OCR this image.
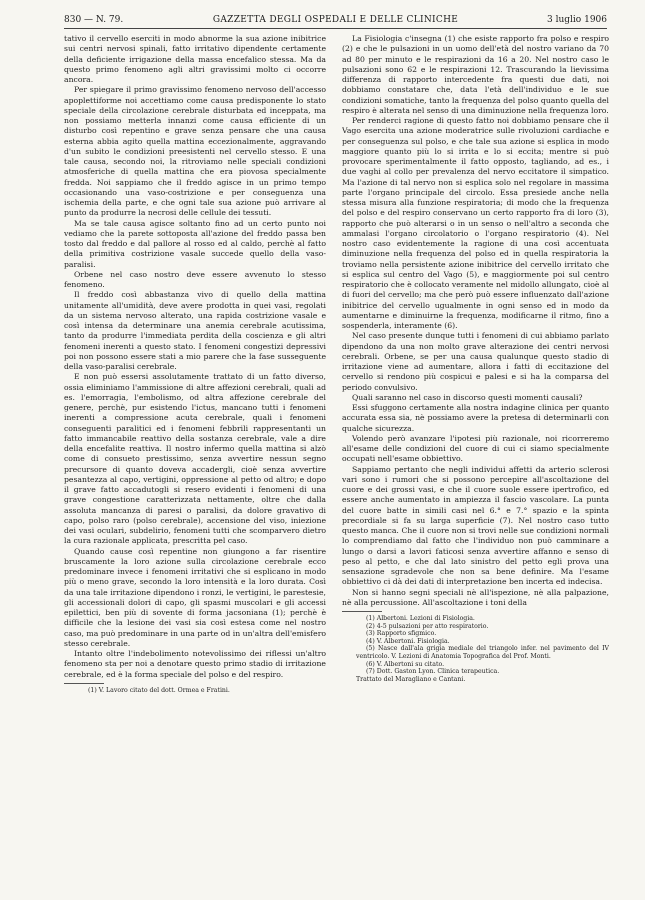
830 — N. 79.	GAZZETTA DEGLI OSPEDALI E DELLE CLINICHE	3 luglio 1906

tativo il cervello eserciti in modo abnorme la sua azione inibitrice sui centri nervosi spinali, fatto irritativo dipendente certamente della deficiente irrigazione della massa encefalico stessa. Ma da questo primo fenomeno agli altri gravissimi molto ci occorre ancora.

Per spiegare il primo gravissimo fenomeno nervoso dell'accesso apoplettiforme noi accettiamo come causa predisponente lo stato speciale della circolazione cerebrale disturbata ed inceppata, ma non possiamo metterla innanzi come causa efficiente di un disturbo così repentino e grave senza pensare che una causa esterna abbia agito quella mattina eccezionalmente, aggravando d'un subito le condizioni preesistenti nel cervello stesso. E una tale causa, secondo noi, la ritroviamo nelle speciali condizioni atmosferiche di quella mattina che era piovosa specialmente fredda. Noi sappiamo che il freddo agisce in un primo tempo occasionando una vaso-costrizione e per conseguenza una ischemia della parte, e che ogni tale sua azione può arrivare al punto da produrre la necrosi delle cellule dei tessuti.

Ma se tale causa agisce soltanto fino ad un certo punto noi vediamo che la parete sottoposta all'azione del freddo passa ben tosto dal freddo e dal pallore al rosso ed al caldo, perchè al fatto della primitiva costrizione vasale succede quello della vaso-paralisi.

Orbene nel caso nostro deve essere avvenuto lo stesso fenomeno.

Il freddo così abbastanza vivo di quello della mattina unitamente all'umidità, deve avere prodotta in quei vasi, regolati da un sistema nervoso alterato, una rapida costrizione vasale e così intensa da determinare una anemia cerebrale acutissima, tanto da produrre l'immediata perdita della coscienza e gli altri fenomeni inerenti a questo stato. I fenomeni congestizi depressivi poi non possono essere stati a mio parere che la fase susseguente della vaso-paralisi cerebrale.

E non può essersi assolutamente trattato di un fatto diverso, ossia eliminiamo l'ammissione di altre affezioni cerebrali, quali ad es. l'emorragia, l'embolismo, od altra affezione cerebrale del genere, perchè, pur esistendo l'ictus, mancano tutti i fenomeni inerenti a compressione acuta cerebrale, quali i fenomeni conseguenti paralitici ed i fenomeni febbrili rappresentanti un fatto immancabile reattivo della sostanza cerebrale, vale a dire della encefalite reattiva. Il nostro infermo quella mattina si alzò come di consueto prestissimo, senza avvertire nessun segno precursore di quanto doveva accadergli, cioè senza avvertire pesantezza al capo, vertigini, oppressione al petto od altro; e dopo il grave fatto accadutogli si resero evidenti i fenomeni di una grave congestione caratterizzata nettamente, oltre che dalla assoluta mancanza di paresi o paralisi, da dolore gravativo di capo, polso raro (polso cerebrale), accensione del viso, iniezione dei vasi oculari, subdelirio, fenomeni tutti che scomparvero dietro la cura razionale applicata, prescritta pel caso.

Quando cause così repentine non giungono a far risentire bruscamente la loro azione sulla circolazione cerebrale ecco predominare invece i fenomeni irritativi che si esplicano in modo più o meno grave, secondo la loro intensità e la loro durata. Così da una tale irritazione dipendono i ronzi, le vertigini, le parestesie, gli accessionali dolori di capo, gli spasmi muscolari e gli accessi epilettici, ben più di sovente di forma jacsoniana (1); perchè è difficile che la lesione dei vasi sia così estesa come nel nostro caso, ma può predominare in una parte od in un'altra dell'emisfero stesso cerebrale.

Intanto oltre l'indebolimento notevolissimo dei riflessi un'altro fenomeno sta per noi a denotare questo primo stadio di irritazione cerebrale, ed è la forma speciale del polso e del respiro.

(1) V. Lavoro citato del dott. Ormea e Fratini.

La Fisiologia c'insegna (1) che esiste rapporto fra polso e respiro (2) e che le pulsazioni in un uomo dell'età del nostro variano da 70 ad 80 per minuto e le respirazioni da 16 a 20. Nel nostro caso le pulsazioni sono 62 e le respirazioni 12. Trascurando la lievissima differenza di rapporto intercedente fra questi due dati, noi dobbiamo constatare che, data l'età dell'individuo e le sue condizioni somatiche, tanto la frequenza del polso quanto quella del respiro è alterata nel senso di una diminuzione nella frequenza loro.

Per renderci ragione di questo fatto noi dobbiamo pensare che il Vago esercita una azione moderatrice sulle rivoluzioni cardiache e per conseguenza sul polso, e che tale sua azione si esplica in modo maggiore quanto più lo si irrita e lo si eccita; mentre si può provocare sperimentalmente il fatto opposto, tagliando, ad es., i due vaghi al collo per prevalenza del nervo eccitatore il simpatico. Ma l'azione di tal nervo non si esplica solo nel regolare in massima parte l'organo principale del circolo. Essa presiede anche nella stessa misura alla funzione respiratoria; di modo che la frequenza del polso e del respiro conservano un certo rapporto fra di loro (3), rapporto che può alterarsi o in un senso o nell'altro a seconda che ammalasi l'organo circolatorio o l'organo respiratorio (4). Nel nostro caso evidentemente la ragione di una così accentuata diminuzione nella frequenza del polso ed in quella respiratoria la troviamo nella persistente azione inibitrice del cervello irritato che si esplica sul centro del Vago (5), e maggiormente poi sul centro respiratorio che è collocato veramente nel midollo allungato, cioè al di fuori del cervello; ma che però può essere influenzato dall'azione inibitrice del cervello ugualmente in ogni senso ed in modo da aumentarne e diminuirne la frequenza, modificarne il ritmo, fino a sospenderla, interamente (6).

Nel caso presente dunque tutti i fenomeni di cui abbiamo parlato dipendono da una non molto grave alterazione dei centri nervosi cerebrali. Orbene, se per una causa qualunque questo stadio di irritazione viene ad aumentare, allora i fatti di eccitazione del cervello si rendono più cospicui e palesi e si ha la comparsa del periodo convulsivo.

Quali saranno nel caso in discorso questi momenti causali?

Essi sfuggono certamente alla nostra indagine clinica per quanto accurata essa sia, nè possiamo avere la pretesa di determinarli con qualche sicurezza.

Volendo però avanzare l'ipotesi più razionale, noi ricorreremo all'esame delle condizioni del cuore di cui ci siamo specialmente occupati nell'esame obbiettivo.

Sappiamo pertanto che negli individui affetti da arterio sclerosi vari sono i rumori che si possono percepire all'ascoltazione del cuore e dei grossi vasi, e che il cuore suole essere ipertrofico, ed essere anche aumentato in ampiezza il fascio vascolare. La punta del cuore batte in simili casi nel 6.° e 7.° spazio e la spinta precordiale si fa su larga superficie (7). Nel nostro caso tutto questo manca. Che il cuore non si trovi nelle sue condizioni normali lo comprendiamo dal fatto che l'individuo non può camminare a lungo o darsi a lavori faticosi senza avvertire affanno e senso di peso al petto, e che dal lato sinistro del petto egli prova una sensazione sgradevole che non sa bene definire. Ma l'esame obbiettivo ci dà dei dati di interpretazione ben incerta ed indecisa.

Non si hanno segni speciali nè all'ispezione, nè alla palpazione, nè alla percussione. All'ascoltazione i toni della

(1) Albertoni. Lezioni di Fisiologia.

(2) 4-5 pulsazioni per atto respiratorio.

(3) Rapporto sfigmico.

(4) V. Albertoni. Fisiologia.

(5) Nasce dall'ala grigia mediale del triangolo infer. nel pavimento del IV ventricolo. V. Lezioni di Anatomia Topografica del Prof. Monti.

(6) V. Albertoni su citato.

(7) Dott. Gaston Lyon. Clinica terapeutica.

Trattato del Maragliano e Cantani.
